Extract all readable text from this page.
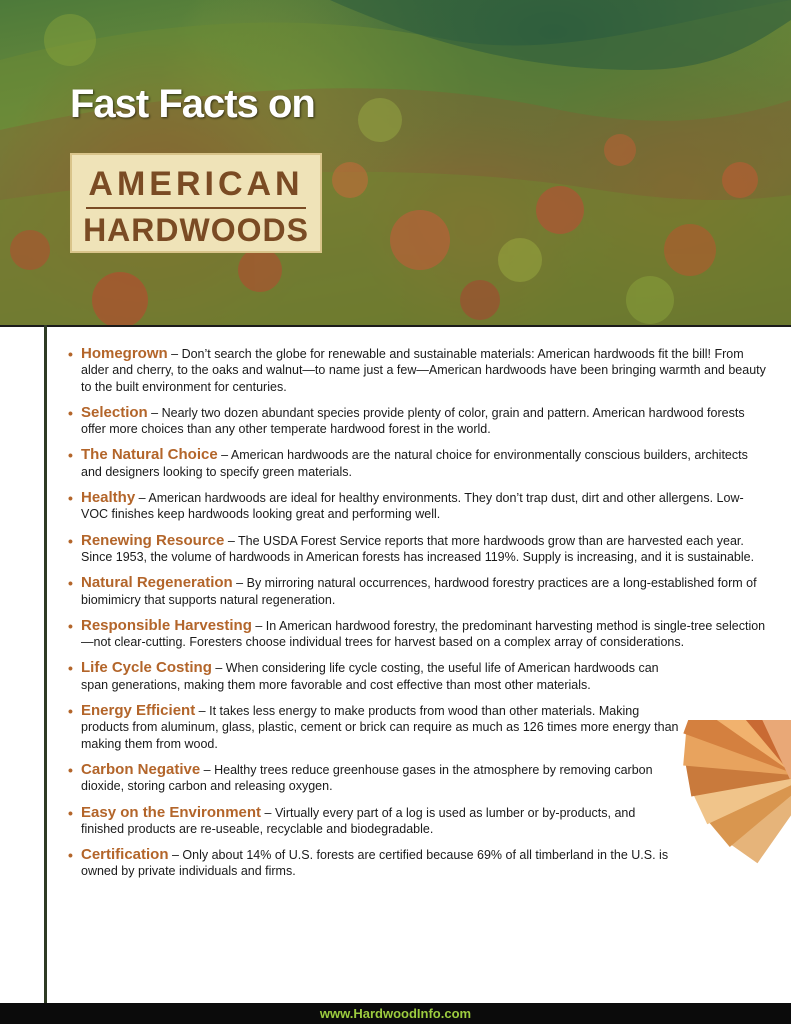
Fast Facts on
AMERICAN
HARDWOODS
• Homegrown – Don’t search the globe for renewable and sustainable materials: American hardwoods fit the bill! From alder and cherry, to the oaks and walnut—to name just a few—American hardwoods have been bringing warmth and beauty to the built environment for centuries.
• Selection – Nearly two dozen abundant species provide plenty of color, grain and pattern. American hardwood forests offer more choices than any other temperate hardwood forest in the world.
• The Natural Choice – American hardwoods are the natural choice for environmentally conscious builders, architects and designers looking to specify green materials.
• Healthy – American hardwoods are ideal for healthy environments. They don’t trap dust, dirt and other allergens. Low-VOC finishes keep hardwoods looking great and performing well.
• Renewing Resource – The USDA Forest Service reports that more hardwoods grow than are harvested each year. Since 1953, the volume of hardwoods in American forests has increased 119%. Supply is increasing, and it is sustainable.
• Natural Regeneration – By mirroring natural occurrences, hardwood forestry practices are a long-established form of biomimicry that supports natural regeneration.
• Responsible Harvesting – In American hardwood forestry, the predominant harvesting method is single-tree selection—not clear-cutting. Foresters choose individual trees for harvest based on a complex array of considerations.
• Life Cycle Costing – When considering life cycle costing, the useful life of American hardwoods can span generations, making them more favorable and cost effective than most other materials.
• Energy Efficient – It takes less energy to make products from wood than other materials. Making products from aluminum, glass, plastic, cement or brick can require as much as 126 times more energy than making them from wood.
• Carbon Negative – Healthy trees reduce greenhouse gases in the atmosphere by removing carbon dioxide, storing carbon and releasing oxygen.
• Easy on the Environment – Virtually every part of a log is used as lumber or by-products, and finished products are re-useable, recyclable and biodegradable.
• Certification – Only about 14% of U.S. forests are certified because 69% of all timberland in the U.S. is owned by private individuals and firms.
www.HardwoodInfo.com
